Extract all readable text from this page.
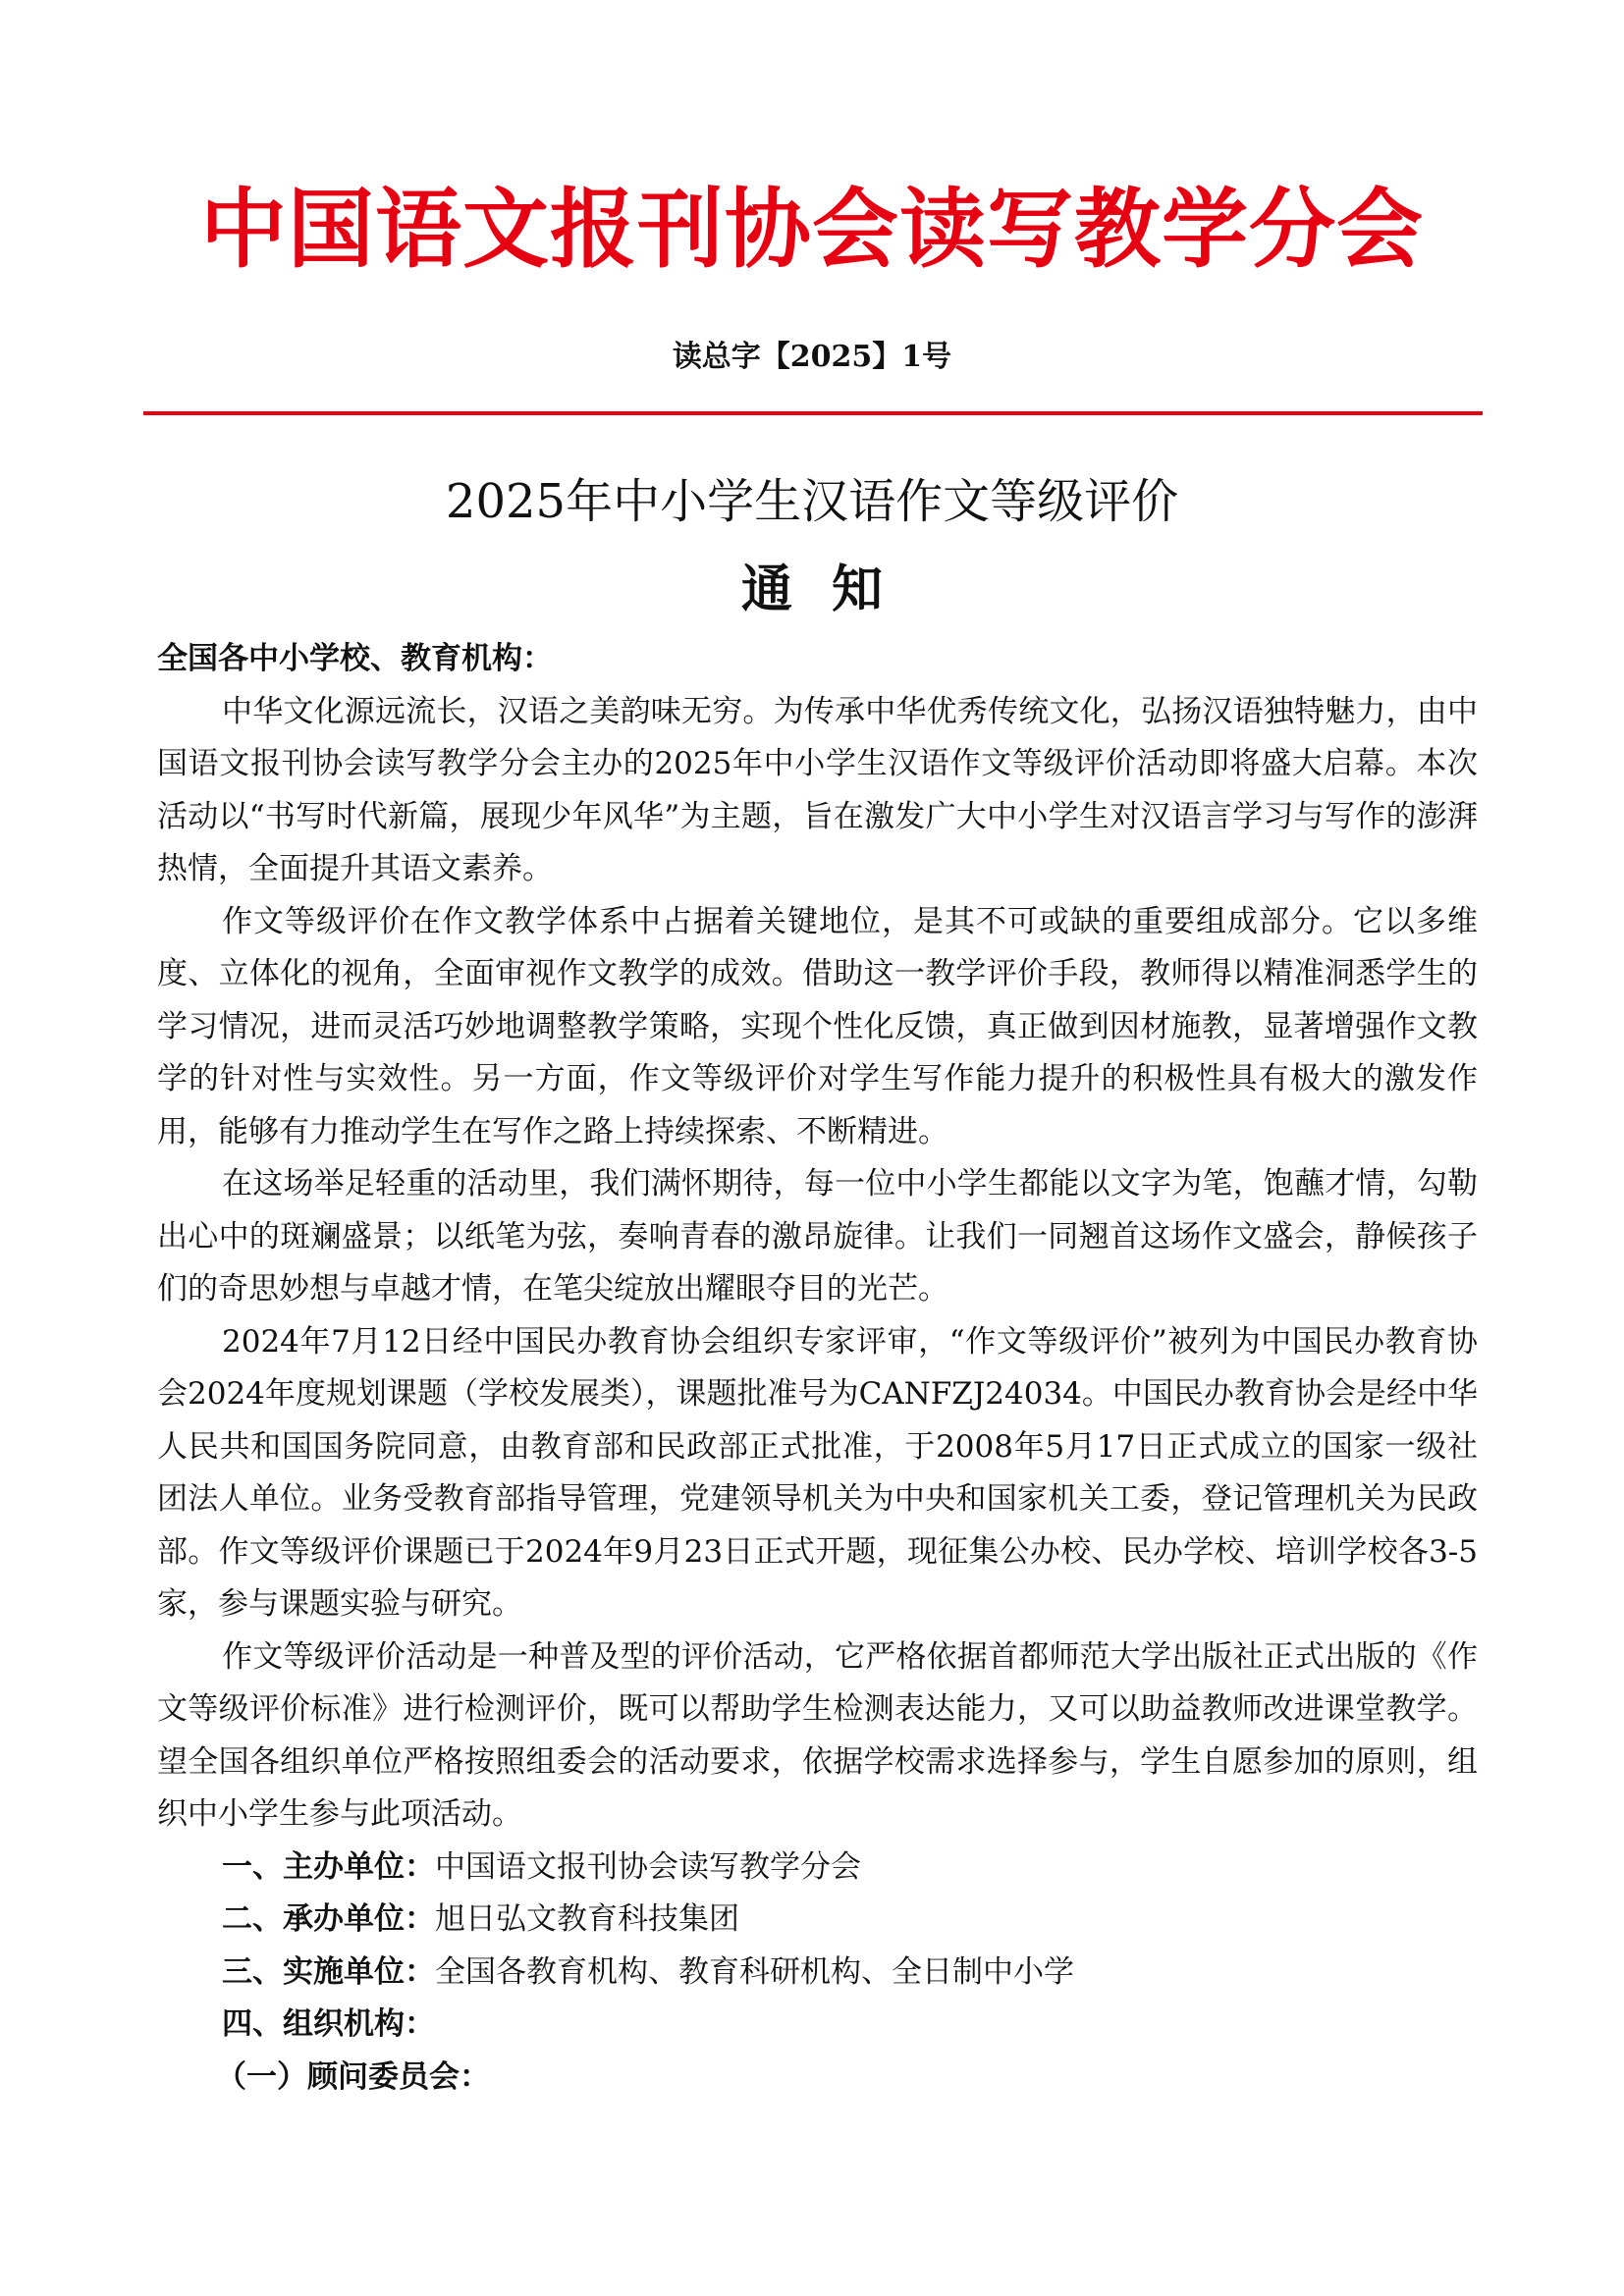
中国语文报刊协会读写教学分会
读总字【2025】1号
2025年中小学生汉语作文等级评价
通知

全国各中小学校、教育机构：

中华文化源远流长，汉语之美韵味无穷。为传承中华优秀传统文化，弘扬汉语独特魅力，由中国语文报刊协会读写教学分会主办的2025年中小学生汉语作文等级评价活动即将盛大启幕。本次活动以“书写时代新篇，展现少年风华”为主题，旨在激发广大中小学生对汉语言学习与写作的澎湃热情，全面提升其语文素养。

作文等级评价在作文教学体系中占据着关键地位，是其不可或缺的重要组成部分。它以多维度、立体化的视角，全面审视作文教学的成效。借助这一教学评价手段，教师得以精准洞悉学生的学习情况，进而灵活巧妙地调整教学策略，实现个性化反馈，真正做到因材施教，显著增强作文教学的针对性与实效性。另一方面，作文等级评价对学生写作能力提升的积极性具有极大的激发作用，能够有力推动学生在写作之路上持续探索、不断精进。

在这场举足轻重的活动里，我们满怀期待，每一位中小学生都能以文字为笔，饱蘸才情，勾勒出心中的斑斓盛景；以纸笔为弦，奏响青春的激昂旋律。让我们一同翘首这场作文盛会，静候孩子们的奇思妙想与卓越才情，在笔尖绽放出耀眼夺目的光芒。

2024年7月12日经中国民办教育协会组织专家评审，“作文等级评价”被列为中国民办教育协会2024年度规划课题（学校发展类），课题批准号为CANFZJ24034。中国民办教育协会是经中华人民共和国国务院同意，由教育部和民政部正式批准，于2008年5月17日正式成立的国家一级社团法人单位。业务受教育部指导管理，党建领导机关为中央和国家机关工委，登记管理机关为民政部。作文等级评价课题已于2024年9月23日正式开题，现征集公办校、民办学校、培训学校各3-5家，参与课题实验与研究。

作文等级评价活动是一种普及型的评价活动，它严格依据首都师范大学出版社正式出版的《作文等级评价标准》进行检测评价，既可以帮助学生检测表达能力，又可以助益教师改进课堂教学。望全国各组织单位严格按照组委会的活动要求，依据学校需求选择参与，学生自愿参加的原则，组织中小学生参与此项活动。

一、主办单位：中国语文报刊协会读写教学分会

二、承办单位：旭日弘文教育科技集团

三、实施单位：全国各教育机构、教育科研机构、全日制中小学

四、组织机构：

（一）顾问委员会：
